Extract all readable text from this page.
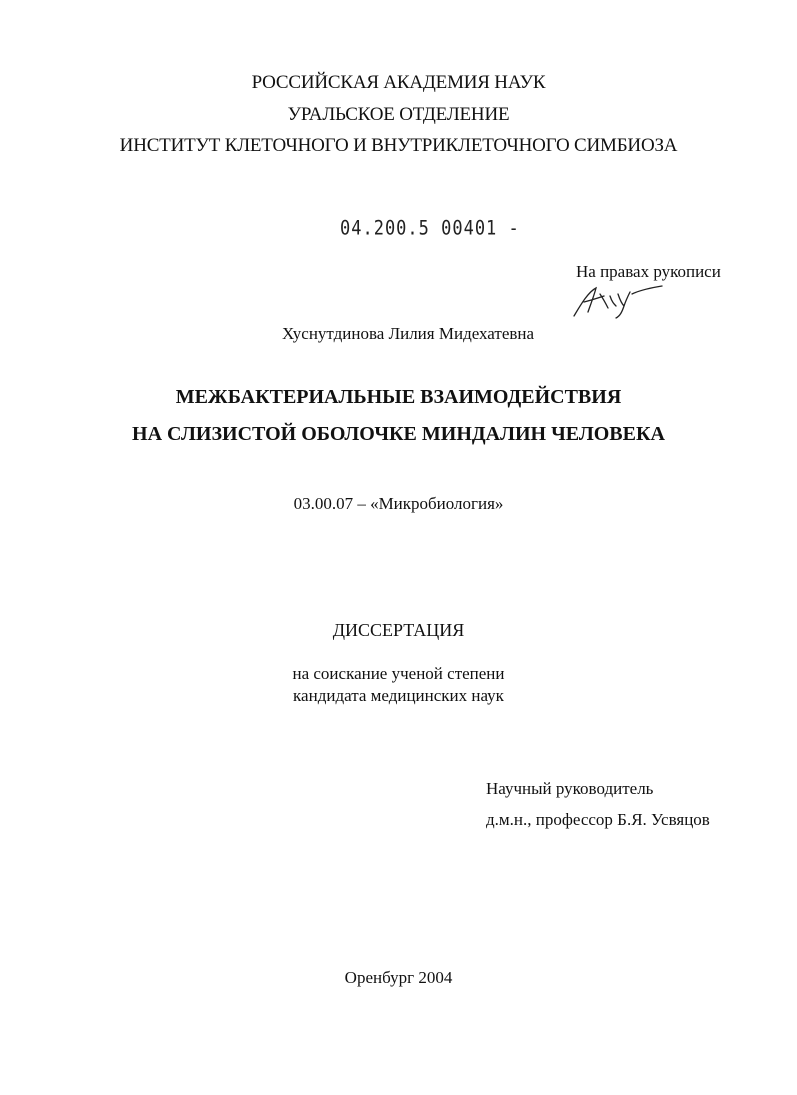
РОССИЙСКАЯ АКАДЕМИЯ НАУК
УРАЛЬСКОЕ ОТДЕЛЕНИЕ
ИНСТИТУТ КЛЕТОЧНОГО И ВНУТРИКЛЕТОЧНОГО СИМБИОЗА
04.200.5 00401 -
На правах рукописи
Хуснутдинова Лилия Мидехатевна
МЕЖБАКТЕРИАЛЬНЫЕ ВЗАИМОДЕЙСТВИЯ
НА СЛИЗИСТОЙ ОБОЛОЧКЕ МИНДАЛИН ЧЕЛОВЕКА
03.00.07 – «Микробиология»
ДИССЕРТАЦИЯ
на соискание ученой степени
кандидата медицинских наук
Научный руководитель
д.м.н., профессор Б.Я. Усвяцов
Оренбург 2004
